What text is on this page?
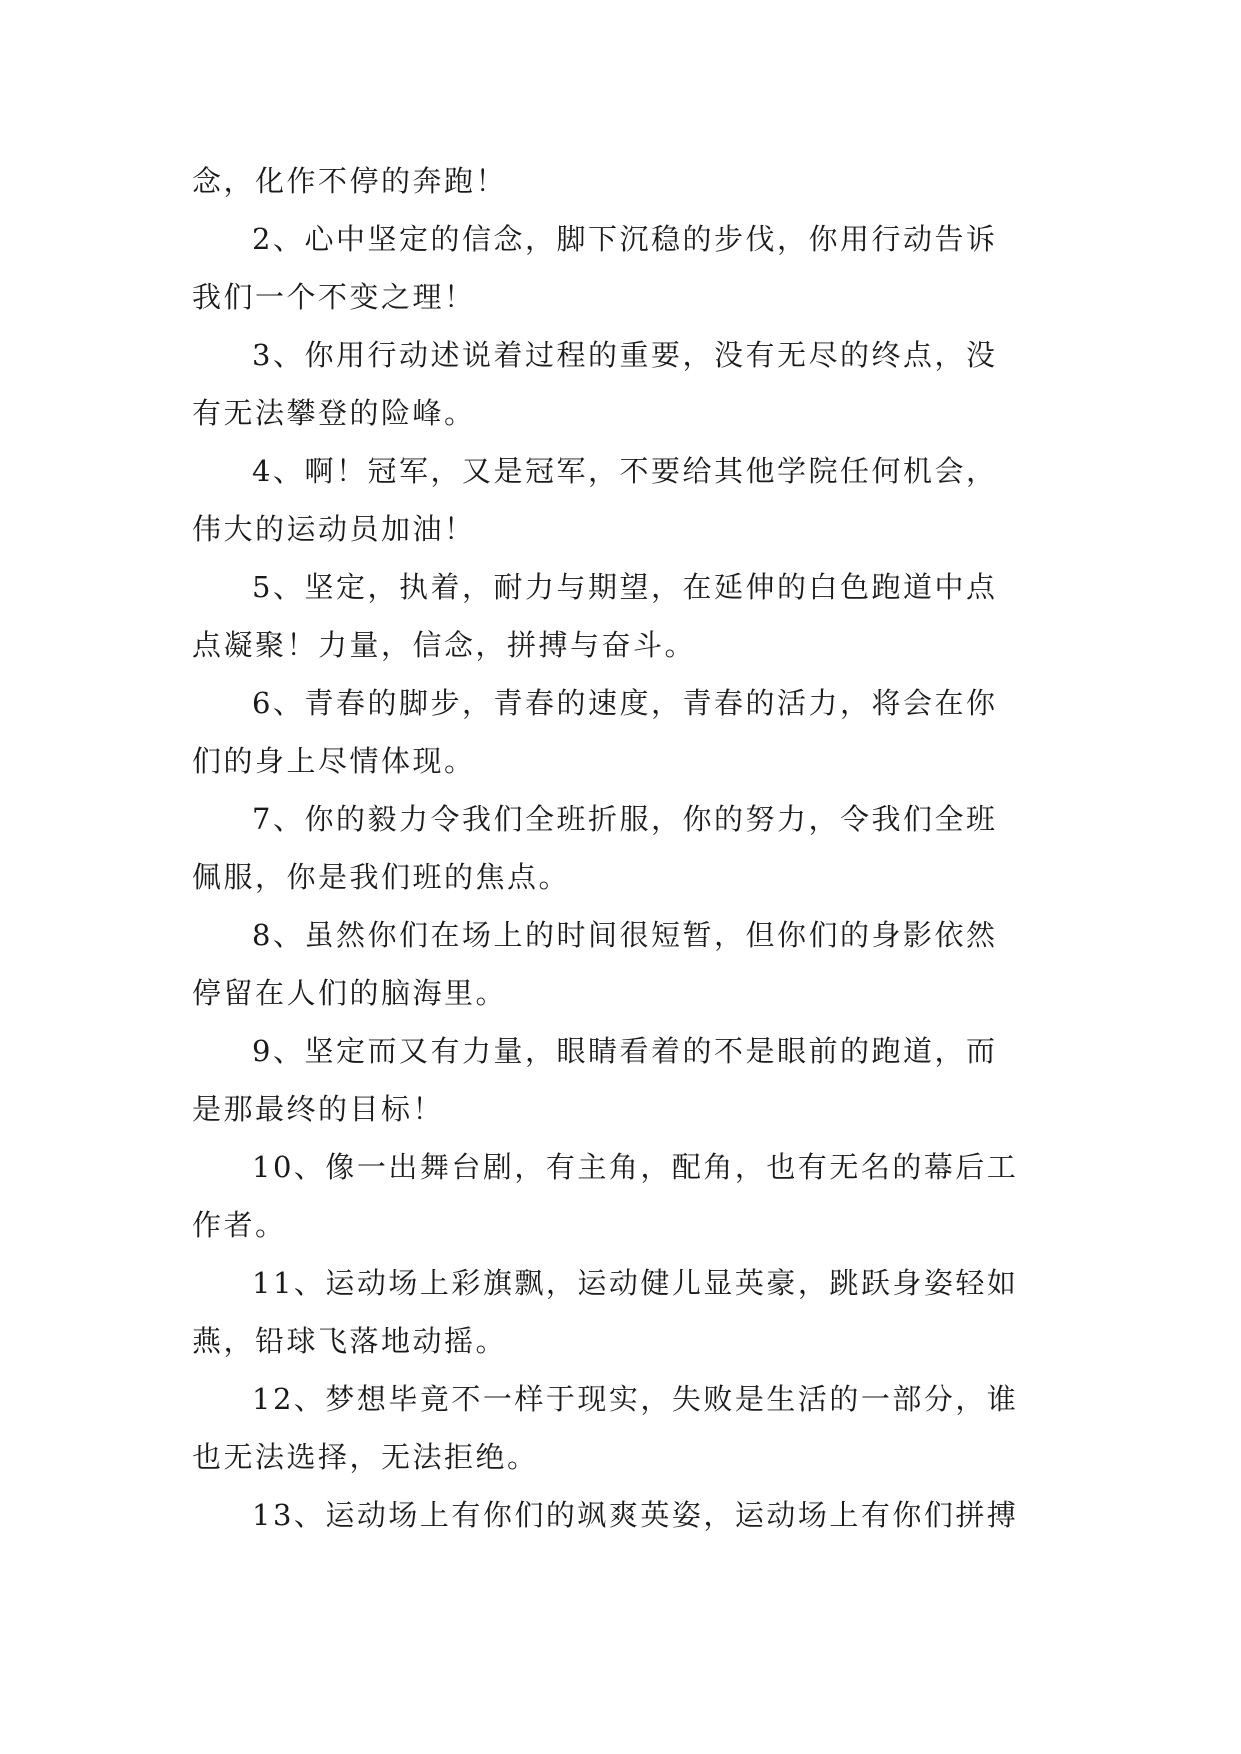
念，化作不停的奔跑！
2、心中坚定的信念，脚下沉稳的步伐，你用行动告诉
我们一个不变之理！
3、你用行动述说着过程的重要，没有无尽的终点，没
有无法攀登的险峰。
4、啊！冠军，又是冠军，不要给其他学院任何机会，
伟大的运动员加油！
5、坚定，执着，耐力与期望，在延伸的白色跑道中点
点凝聚！力量，信念，拼搏与奋斗。
6、青春的脚步，青春的速度，青春的活力，将会在你
们的身上尽情体现。
7、你的毅力令我们全班折服，你的努力，令我们全班
佩服，你是我们班的焦点。
8、虽然你们在场上的时间很短暂，但你们的身影依然
停留在人们的脑海里。
9、坚定而又有力量，眼睛看着的不是眼前的跑道，而
是那最终的目标！
10、像一出舞台剧，有主角，配角，也有无名的幕后工
作者。
11、运动场上彩旗飘，运动健儿显英豪，跳跃身姿轻如
燕，铅球飞落地动摇。
12、梦想毕竟不一样于现实，失败是生活的一部分，谁
也无法选择，无法拒绝。
13、运动场上有你们的飒爽英姿，运动场上有你们拼搏
